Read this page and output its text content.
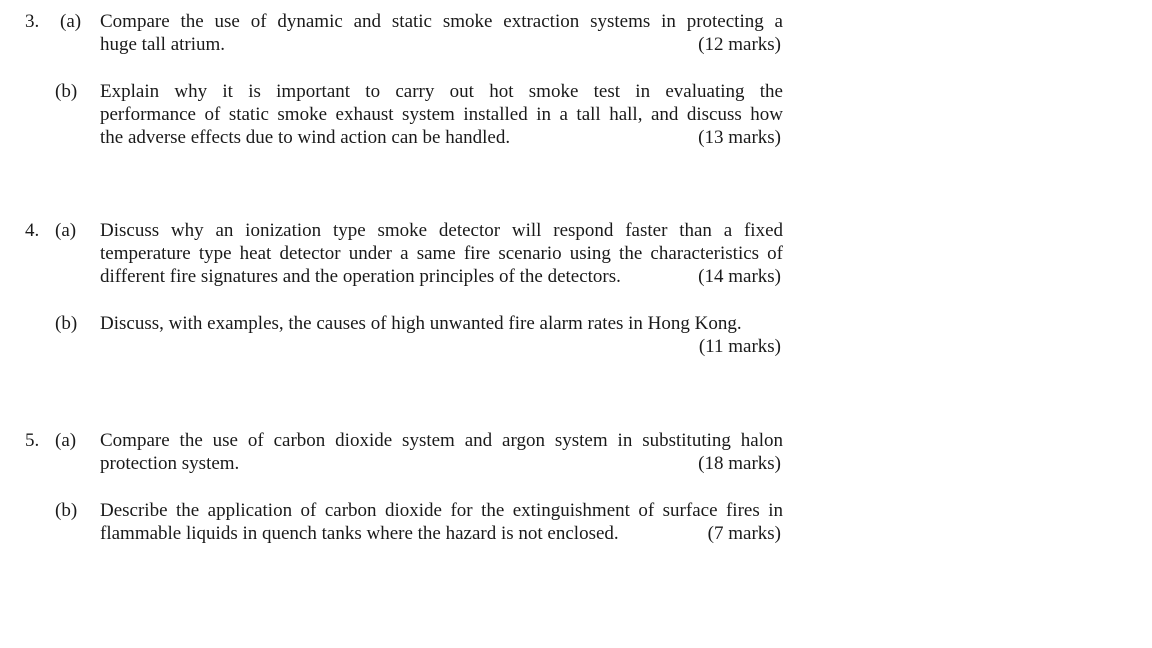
3. (a) Compare the use of dynamic and static smoke extraction systems in protecting a
huge tall atrium.	(12 marks)
(b) Explain why it is important to carry out hot smoke test in evaluating the
performance of static smoke exhaust system installed in a tall hall, and discuss how
the adverse effects due to wind action can be handled.	(13 marks)
4. (a) Discuss why an ionization type smoke detector will respond faster than a fixed
temperature type heat detector under a same fire scenario using the characteristics of
different fire signatures and the operation principles of the detectors.	(14 marks)
(b) Discuss, with examples, the causes of high unwanted fire alarm rates in Hong Kong.
(11 marks)
5. (a) Compare the use of carbon dioxide system and argon system in substituting halon
protection system.	(18 marks)
(b) Describe the application of carbon dioxide for the extinguishment of surface fires in
flammable liquids in quench tanks where the hazard is not enclosed.	(7 marks)
